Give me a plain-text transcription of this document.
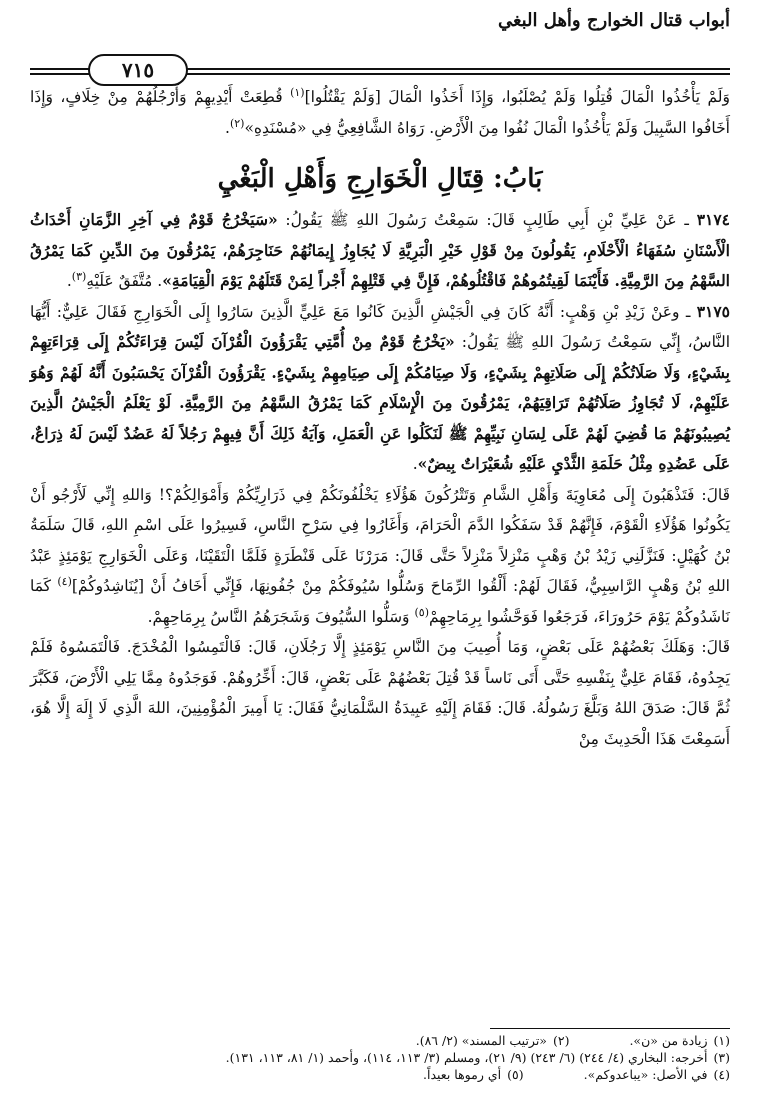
أبواب قتال الخوارج وأهل البغي
٧١٥

وَلَمْ يَأْخُذُوا الْمَالَ قُتِلُوا وَلَمْ يُصْلَبُوا، وَإِذَا أَخَذُوا الْمَالَ [وَلَمْ يَقْتُلُوا]$^{(١)}$ قُطِعَتْ أَيْدِيهِمْ وَأَرْجُلُهُمْ مِنْ خِلَافٍ، وَإِذَا أَخَافُوا السَّبِيلَ وَلَمْ يَأْخُذُوا الْمَالَ نُفُوا مِنَ الْأَرْضِ. رَوَاهُ الشَّافِعِيُّ فِي «مُسْنَدِهِ»$^{(٢)}$.

بَابُ: قِتَالِ الْخَوَارِجِ وَأَهْلِ الْبَغْيِ

٣١٧٤ ـ عَنْ عَلِيِّ بْنِ أَبِي طَالِبٍ قَالَ: سَمِعْتُ رَسُولَ اللهِ ﷺ يَقُولُ: «سَيَخْرُجُ قَوْمٌ فِي آخِرِ الزَّمَانِ أَحْدَاثُ الْأَسْنَانِ سُفَهَاءُ الْأَحْلَامِ، يَقُولُونَ مِنْ قَوْلِ خَيْرِ الْبَرِيَّةِ لَا يُجَاوِزُ إِيمَانُهُمْ حَنَاجِرَهُمْ، يَمْرُقُونَ مِنَ الدِّينِ كَمَا يَمْرُقُ السَّهْمُ مِنَ الرَّمِيَّةِ. فَأَيْنَمَا لَقِيتُمُوهُمْ فَاقْتُلُوهُمْ، فَإِنَّ فِي قَتْلِهِمْ أَجْراً لِمَنْ قَتَلَهُمْ يَوْمَ الْقِيَامَةِ». مُتَّفَقٌ عَلَيْهِ$^{(٣)}$.

٣١٧٥ ـ وعَنْ زَيْدِ بْنِ وَهْبٍ: أَنَّهُ كَانَ فِي الْجَيْشِ الَّذِينَ كَانُوا مَعَ عَلِيٍّ الَّذِينَ سَارُوا إِلَى الْخَوَارِجِ فَقَالَ عَلِيٌّ: أَيُّهَا النَّاسُ، إِنِّي سَمِعْتُ رَسُولَ اللهِ ﷺ يَقُولُ: «يَخْرُجُ قَوْمٌ مِنْ أُمَّتِي يَقْرَؤُونَ الْقُرْآنَ لَيْسَ قِرَاءَتُكُمْ إِلَى قِرَاءَتِهِمْ بِشَيْءٍ، وَلَا صَلَاتُكُمْ إِلَى صَلَاتِهِمْ بِشَيْءٍ، وَلَا صِيَامُكُمْ إِلَى صِيَامِهِمْ بِشَيْءٍ. يَقْرَؤُونَ الْقُرْآنَ يَحْسَبُونَ أَنَّهُ لَهُمْ وَهُوَ عَلَيْهِمْ، لَا تُجَاوِزُ صَلَاتُهُمْ تَرَاقِيَهُمْ، يَمْرُقُونَ مِنَ الْإِسْلَامِ كَمَا يَمْرُقُ السَّهْمُ مِنَ الرَّمِيَّةِ. لَوْ يَعْلَمُ الْجَيْشُ الَّذِينَ يُصِيبُونَهُمْ مَا قُضِيَ لَهُمْ عَلَى لِسَانِ نَبِيِّهِمْ ﷺ لَنَكَلُوا عَنِ الْعَمَلِ، وَآيَةُ ذَلِكَ أَنَّ فِيهِمْ رَجُلاً لَهُ عَضُدٌ لَيْسَ لَهُ ذِرَاعٌ، عَلَى عَضُدِهِ مِثْلُ حَلَمَةِ الثَّدْيِ عَلَيْهِ شُعَيْرَاتٌ بِيضٌ».

قَالَ: فَتَذْهَبُونَ إِلَى مُعَاوِيَةَ وَأَهْلِ الشَّامِ وَتَتْرُكُونَ هَؤُلَاءِ يَخْلُفُونَكُمْ فِي ذَرَارِيِّكُمْ وَأَمْوَالِكُمْ؟! وَاللهِ إِنِّي لَأَرْجُو أَنْ يَكُونُوا هَؤُلَاءِ الْقَوْمَ، فَإِنَّهُمْ قَدْ سَفَكُوا الدَّمَ الْحَرَامَ، وَأَغَارُوا فِي سَرْحِ النَّاسِ، فَسِيرُوا عَلَى اسْمِ اللهِ، قَالَ سَلَمَةُ بْنُ كُهَيْلٍ: فَنَزَّلَنِي زَيْدُ بْنُ وَهْبٍ مَنْزِلاً مَنْزِلاً حَتَّى قَالَ: مَرَرْنَا عَلَى قَنْطَرَةٍ فَلَمَّا الْتَقَيْنَا، وَعَلَى الْخَوَارِجِ يَوْمَئِذٍ عَبْدُ اللهِ بْنُ وَهْبٍ الرَّاسِبِيُّ، فَقَالَ لَهُمْ: أَلْقُوا الرِّمَاحَ وَسُلُّوا سُيُوفَكُمْ مِنْ جُفُونِهَا، فَإِنِّي أَخَافُ أَنْ [يُنَاشِدُوكُمْ]$^{(٤)}$ كَمَا نَاشَدُوكُمْ يَوْمَ حَرُورَاءَ، فَرَجَعُوا فَوَحَّشُوا بِرِمَاحِهِمْ$^{(٥)}$ وَسَلُّوا السُّيُوفَ وَشَجَرَهُمُ النَّاسُ بِرِمَاحِهِمْ.

قَالَ: وَهَلَكَ بَعْضُهُمْ عَلَى بَعْضٍ، وَمَا أُصِيبَ مِنَ النَّاسِ يَوْمَئِذٍ إِلَّا رَجُلَانِ، قَالَ: فَالْتَمِسُوا الْمُخْدَجَ. فَالْتَمَسُوهُ فَلَمْ يَجِدُوهُ، فَقَامَ عَلِيٌّ بِنَفْسِهِ حَتَّى أَتَى نَاساً قَدْ قُتِلَ بَعْضُهُمْ عَلَى بَعْضٍ، قَالَ: أَخِّرُوهُمْ. فَوَجَدُوهُ مِمَّا يَلِي الْأَرْضَ، فَكَبَّرَ ثُمَّ قَالَ: صَدَقَ اللهُ وَبَلَّغَ رَسُولُهُ. قَالَ: فَقَامَ إِلَيْهِ عَبِيدَةُ السَّلْمَانِيُّ فَقَالَ: يَا أَمِيرَ الْمُؤْمِنِينَ، اللهَ الَّذِي لَا إِلَهَ إِلَّا هُوَ، أَسَمِعْتَ هَذَا الْحَدِيثَ مِنْ

(١)زيادة من «ن».

(٢)«ترتيب المسند» (٢/ ٨٦).

(٣)أخرجه: البخاري (٤/ ٢٤٤) (٦/ ٢٤٣) (٩/ ٢١)، ومسلم (٣/ ١١٣، ١١٤)، وأحمد (١/ ٨١، ١١٣، ١٣١).

(٤)في الأصل: «يباعدوكم».

(٥)أي رموها بعيداً.
